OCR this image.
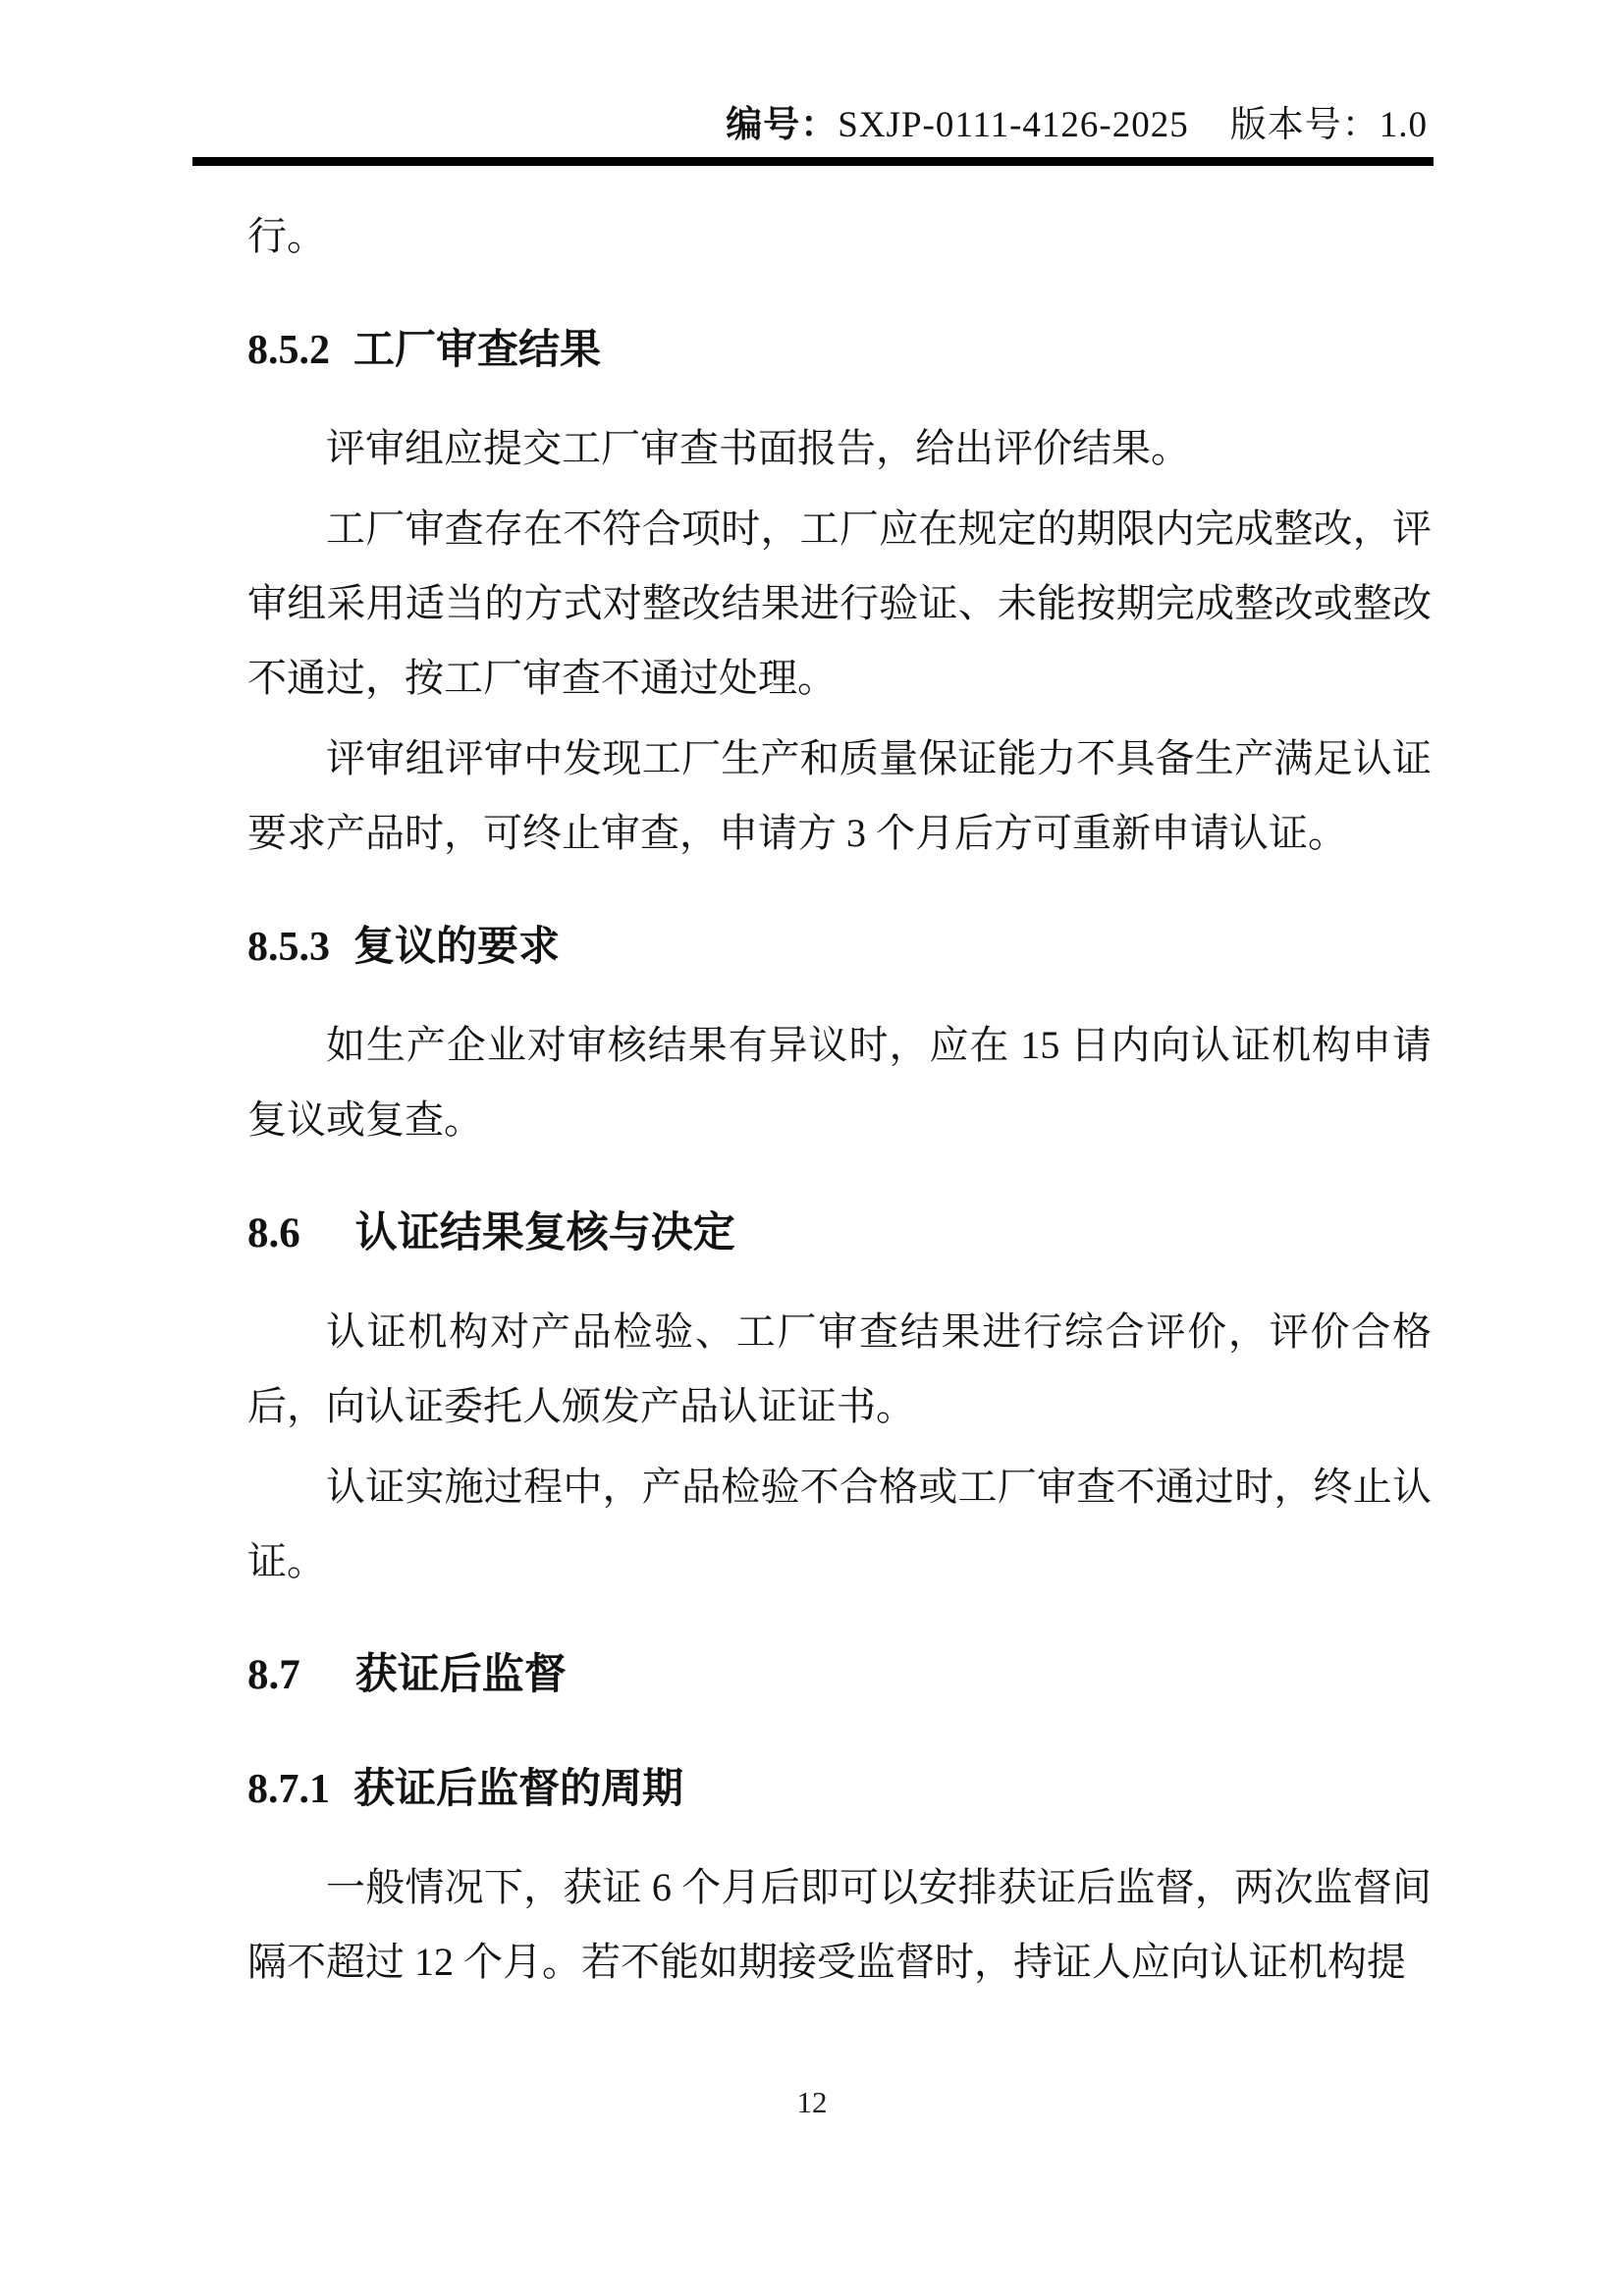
编号：SXJP-0111-4126-2025 版本号：1.0

行。

8.5.2 工厂审查结果

评审组应提交工厂审查书面报告，给出评价结果。

工厂审查存在不符合项时，工厂应在规定的期限内完成整改，评审组采用适当的方式对整改结果进行验证、未能按期完成整改或整改不通过，按工厂审查不通过处理。

评审组评审中发现工厂生产和质量保证能力不具备生产满足认证要求产品时，可终止审查，申请方 3 个月后方可重新申请认证。

8.5.3 复议的要求

如生产企业对审核结果有异议时，应在 15 日内向认证机构申请复议或复查。

8.6 认证结果复核与决定

认证机构对产品检验、工厂审查结果进行综合评价，评价合格后，向认证委托人颁发产品认证证书。

认证实施过程中，产品检验不合格或工厂审查不通过时，终止认证。

8.7 获证后监督
8.7.1 获证后监督的周期

一般情况下，获证 6 个月后即可以安排获证后监督，两次监督间隔不超过 12 个月。若不能如期接受监督时，持证人应向认证机构提

12
